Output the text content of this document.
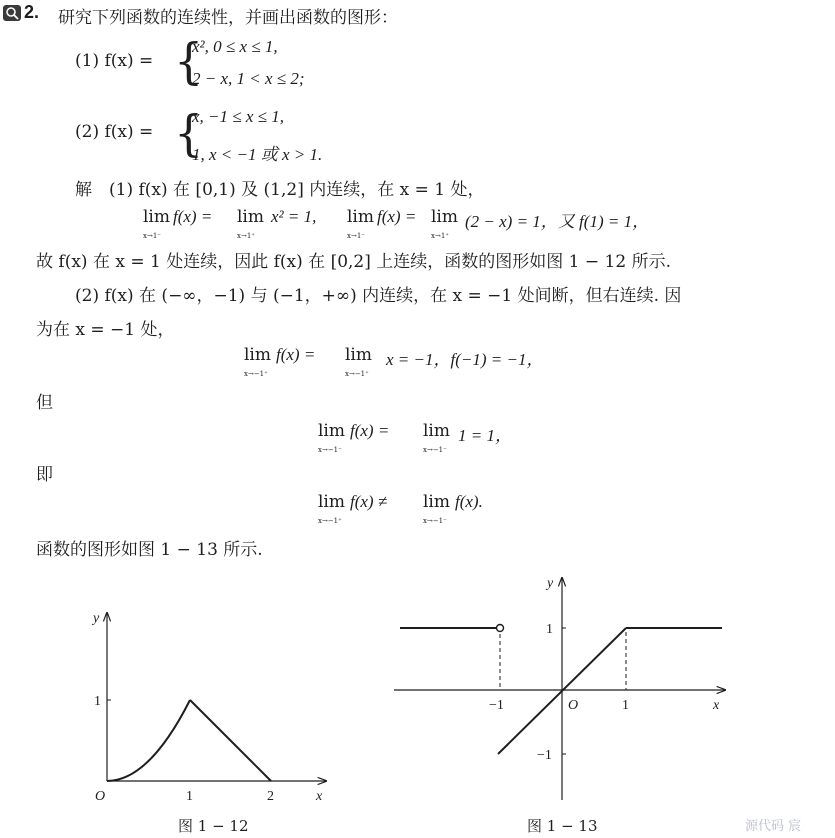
2. 研究下列函数的连续性，并画出函数的图形：
(1) f(x) = {
x², 0 ≤ x ≤ 1,
2 − x, 1 < x ≤ 2;
(2) f(x) = {
x, −1 ≤ x ≤ 1,
1, x < −1 或 x > 1.
解　(1) f(x) 在 [0,1) 及 (1,2] 内连续，在 x = 1 处，
lim
x→1⁻
f(x) = lim
x→1⁺
x² = 1, lim
x→1⁻
f(x) = lim
x→1⁺
(2 − x) = 1，又 f(1) = 1，
故 f(x) 在 x = 1 处连续，因此 f(x) 在 [0,2] 上连续，函数的图形如图 1 − 12 所示.
(2) f(x) 在 (−∞，−1) 与 (−1，+∞) 内连续，在 x = −1 处间断，但右连续. 因
为在 x = −1 处，
lim
x→−1⁺
f(x) = lim
x→−1⁺
x = −1，f(−1) = −1，
但
lim
x→−1⁻
f(x) = lim
x→−1⁻
1 = 1，
即
lim
x→−1⁺
f(x) ≠ lim
x→−1⁻
f(x).
函数的图形如图 1 − 13 所示.
y
x
O
1
1	2
y
x
O
1
−1
−1	1
图 1 − 12	图 1 − 13	源代码 宸
